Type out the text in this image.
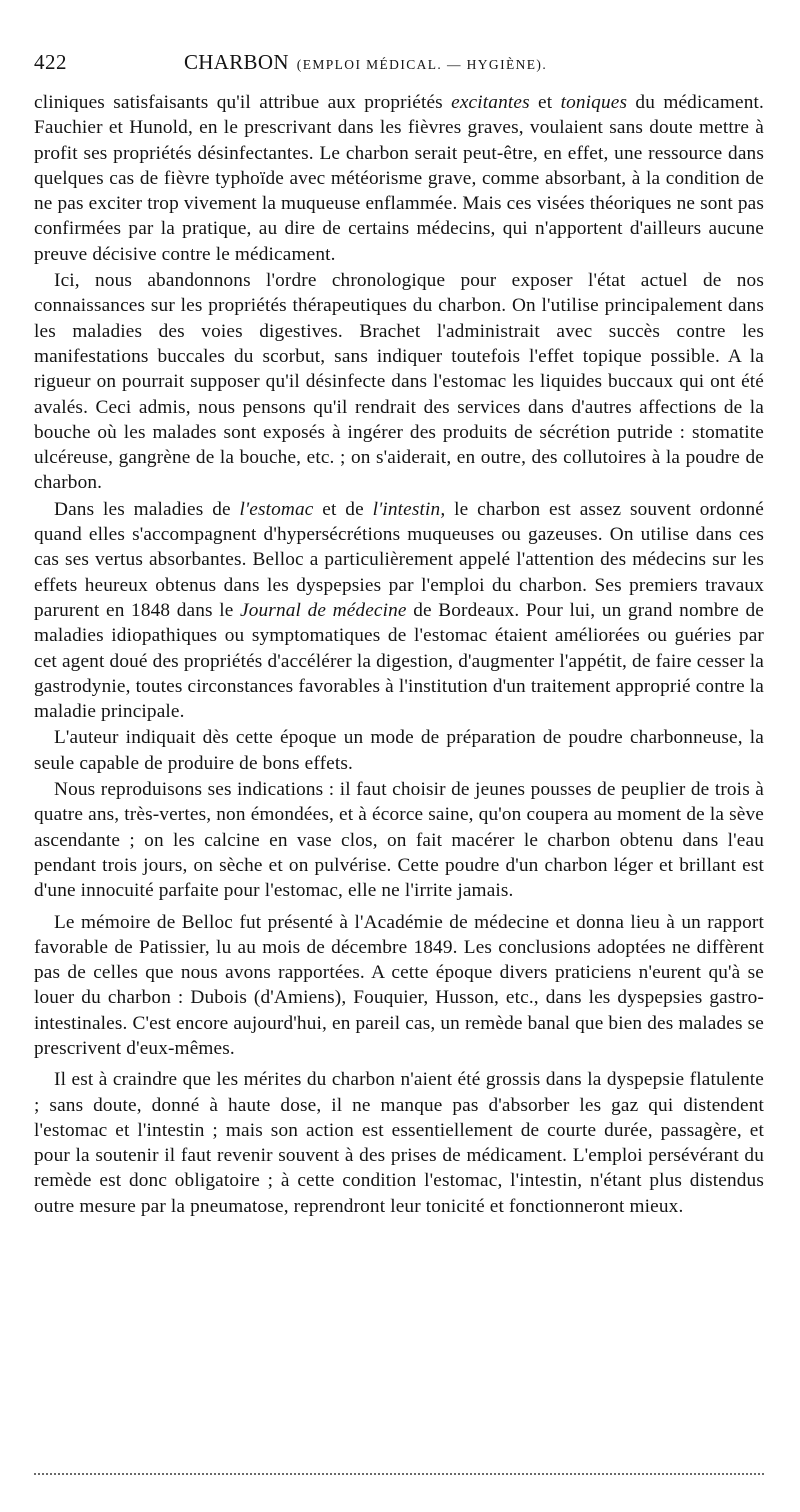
422	CHARBON (EMPLOI MÉDICAL. — HYGIÈNE).

cliniques satisfaisants qu'il attribue aux propriétés excitantes et toniques du médicament. Fauchier et Hunold, en le prescrivant dans les fièvres graves, voulaient sans doute mettre à profit ses propriétés désinfectantes. Le charbon serait peut-être, en effet, une ressource dans quelques cas de fièvre typhoïde avec météorisme grave, comme absorbant, à la condition de ne pas exciter trop vivement la muqueuse enflammée. Mais ces visées théoriques ne sont pas confirmées par la pratique, au dire de certains médecins, qui n'apportent d'ailleurs aucune preuve décisive contre le médicament.

Ici, nous abandonnons l'ordre chronologique pour exposer l'état actuel de nos connaissances sur les propriétés thérapeutiques du charbon. On l'utilise principalement dans les maladies des voies digestives. Brachet l'administrait avec succès contre les manifestations buccales du scorbut, sans indiquer toutefois l'effet topique possible. A la rigueur on pourrait supposer qu'il désinfecte dans l'estomac les liquides buccaux qui ont été avalés. Ceci admis, nous pensons qu'il rendrait des services dans d'autres affections de la bouche où les malades sont exposés à ingérer des produits de sécrétion putride : stomatite ulcéreuse, gangrène de la bouche, etc. ; on s'aiderait, en outre, des collutoires à la poudre de charbon.

Dans les maladies de l'estomac et de l'intestin, le charbon est assez souvent ordonné quand elles s'accompagnent d'hypersécrétions muqueuses ou gazeuses. On utilise dans ces cas ses vertus absorbantes. Belloc a particulièrement appelé l'attention des médecins sur les effets heureux obtenus dans les dyspepsies par l'emploi du charbon. Ses premiers travaux parurent en 1848 dans le Journal de médecine de Bordeaux. Pour lui, un grand nombre de maladies idiopathiques ou symptomatiques de l'estomac étaient améliorées ou guéries par cet agent doué des propriétés d'accélérer la digestion, d'augmenter l'appétit, de faire cesser la gastrodynie, toutes circonstances favorables à l'institution d'un traitement approprié contre la maladie principale.

L'auteur indiquait dès cette époque un mode de préparation de poudre charbonneuse, la seule capable de produire de bons effets.

Nous reproduisons ses indications : il faut choisir de jeunes pousses de peuplier de trois à quatre ans, très-vertes, non émondées, et à écorce saine, qu'on coupera au moment de la sève ascendante ; on les calcine en vase clos, on fait macérer le charbon obtenu dans l'eau pendant trois jours, on sèche et on pulvérise. Cette poudre d'un charbon léger et brillant est d'une innocuité parfaite pour l'estomac, elle ne l'irrite jamais.

Le mémoire de Belloc fut présenté à l'Académie de médecine et donna lieu à un rapport favorable de Patissier, lu au mois de décembre 1849. Les conclusions adoptées ne diffèrent pas de celles que nous avons rapportées. A cette époque divers praticiens n'eurent qu'à se louer du charbon : Dubois (d'Amiens), Fouquier, Husson, etc., dans les dyspepsies gastro-intestinales. C'est encore aujourd'hui, en pareil cas, un remède banal que bien des malades se prescrivent d'eux-mêmes.

Il est à craindre que les mérites du charbon n'aient été grossis dans la dyspepsie flatulente ; sans doute, donné à haute dose, il ne manque pas d'absorber les gaz qui distendent l'estomac et l'intestin ; mais son action est essentiellement de courte durée, passagère, et pour la soutenir il faut revenir souvent à des prises de médicament. L'emploi persévérant du remède est donc obligatoire ; à cette condition l'estomac, l'intestin, n'étant plus distendus outre mesure par la pneumatose, reprendront leur tonicité et fonctionneront mieux.
